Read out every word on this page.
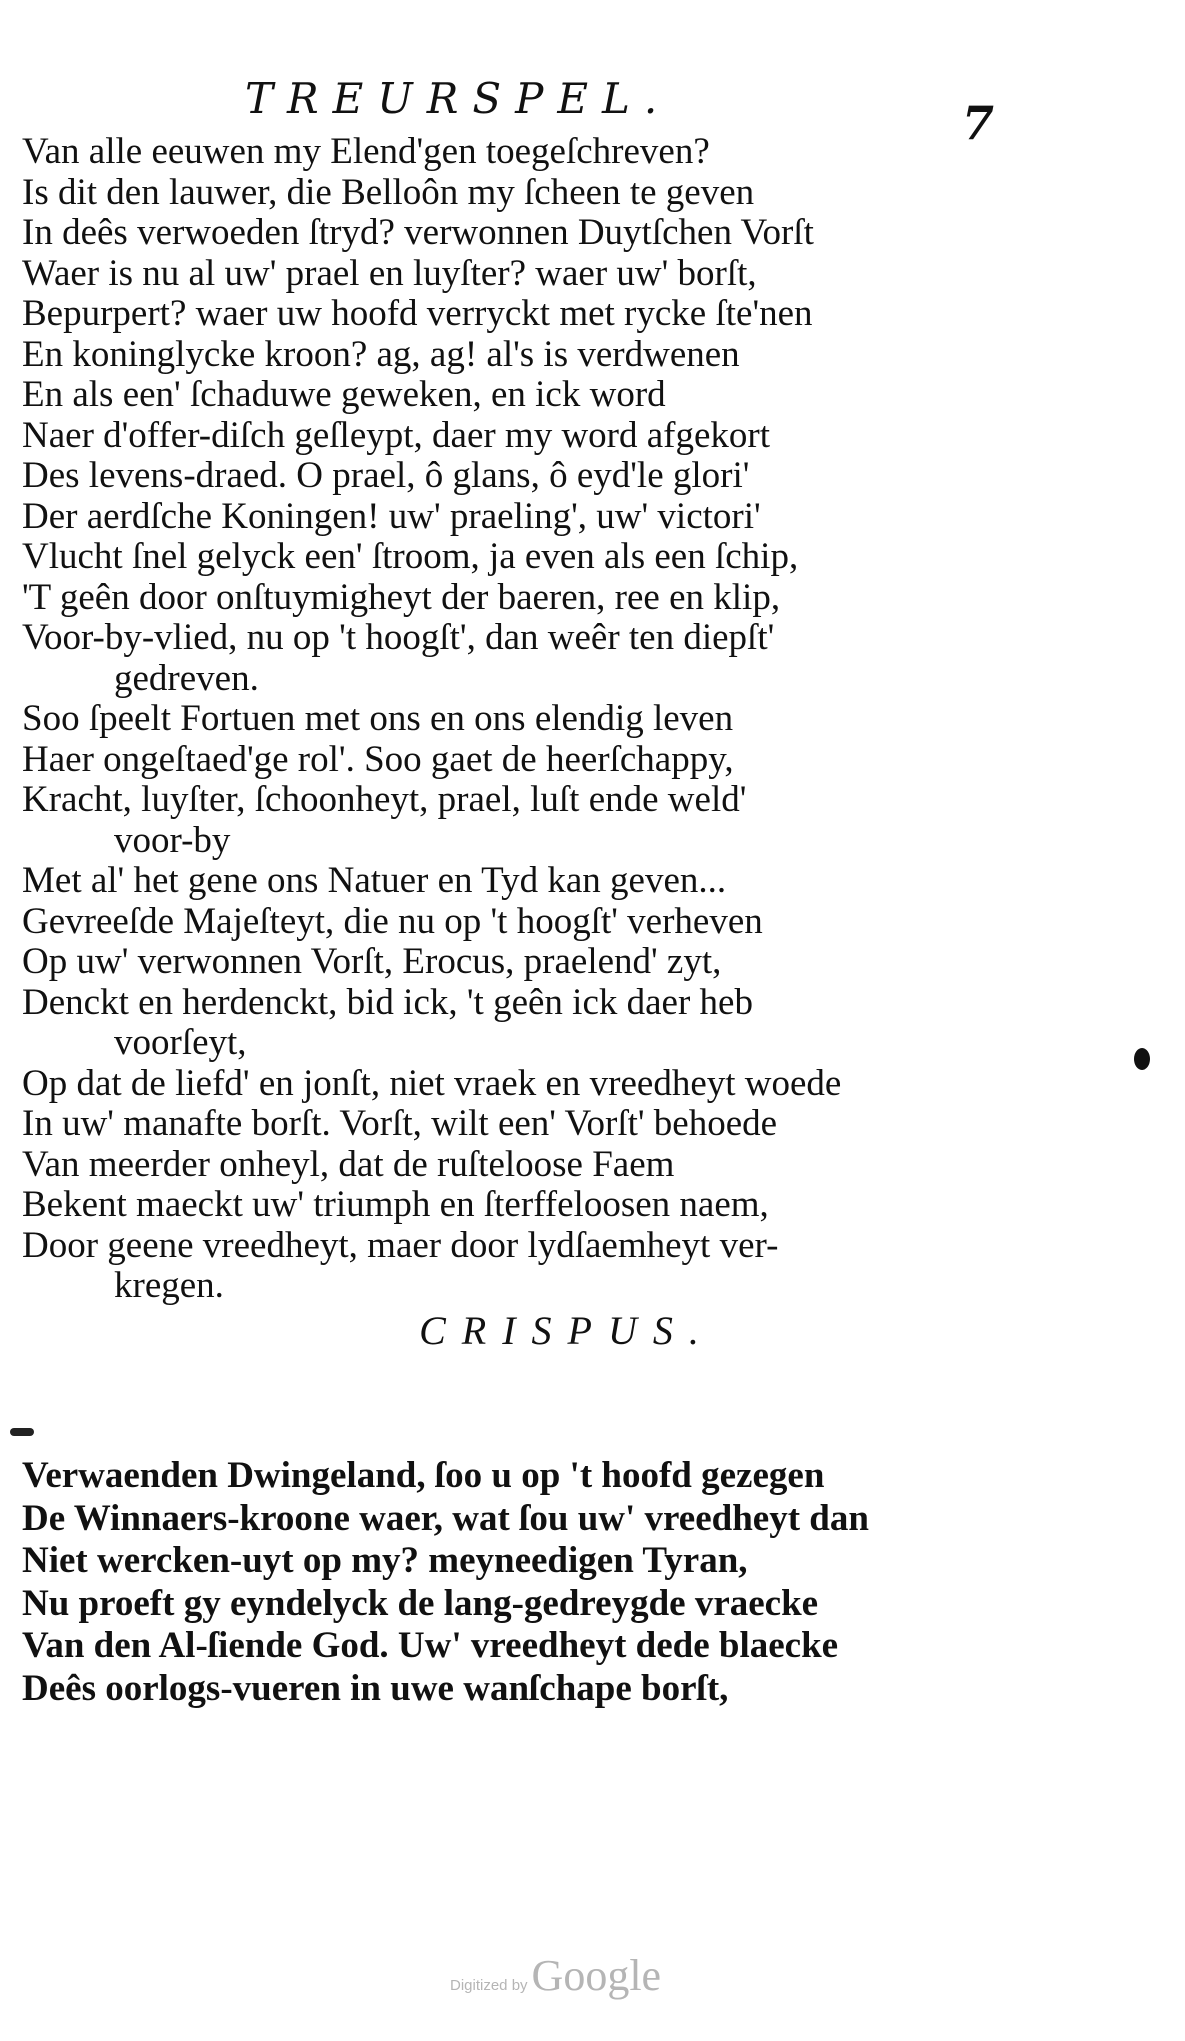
TREURSPEL.	7
Van alle eeuwen my Elend'gen toegeſchreven?
Is dit den lauwer, die Belloôn my ſcheen te geven
In deês verwoeden ſtryd? verwonnen Duytſchen Vorſt
Waer is nu al uw' prael en luyſter? waer uw' borſt,
Bepurpert? waer uw hoofd verryckt met rycke ſte'nen
En koninglycke kroon? ag, ag! al's is verdwenen
En als een' ſchaduwe geweken, en ick word
Naer d'offer-diſch geſleypt, daer my word afgekort
Des levens-draed. O prael, ô glans, ô eyd'le glori'
Der aerdſche Koningen! uw' praeling', uw' victori'
Vlucht ſnel gelyck een' ſtroom, ja even als een ſchip,
'T geên door onſtuymigheyt der baeren, ree en klip,
Voor-by-vlied, nu op 't hoogſt', dan weêr ten diepſt'
gedreven.
Soo ſpeelt Fortuen met ons en ons elendig leven
Haer ongeſtaed'ge rol'. Soo gaet de heerſchappy,
Kracht, luyſter, ſchoonheyt, prael, luſt ende weld'
voor-by
Met al' het gene ons Natuer en Tyd kan geven...
Gevreeſde Majeſteyt, die nu op 't hoogſt' verheven
Op uw' verwonnen Vorſt, Erocus, praelend' zyt,
Denckt en herdenckt, bid ick, 't geên ick daer heb
voorſeyt,
Op dat de liefd' en jonſt, niet vraek en vreedheyt woede
In uw' manafte borſt. Vorſt, wilt een' Vorſt' behoede
Van meerder onheyl, dat de ruſteloose Faem
Bekent maeckt uw' triumph en ſterffeloosen naem,
Door geene vreedheyt, maer door lydſaemheyt ver-
kregen.
CRISPUS.
Verwaenden Dwingeland, ſoo u op 't hoofd gezegen
De Winnaers-kroone waer, wat ſou uw' vreedheyt dan
Niet wercken-uyt op my? meyneedigen Tyran,
Nu proeft gy eyndelyck de lang-gedreygde vraecke
Van den Al-ſiende God. Uw' vreedheyt dede blaecke
Deês oorlogs-vueren in uwe wanſchape borſt,
Digitized byGoogle
